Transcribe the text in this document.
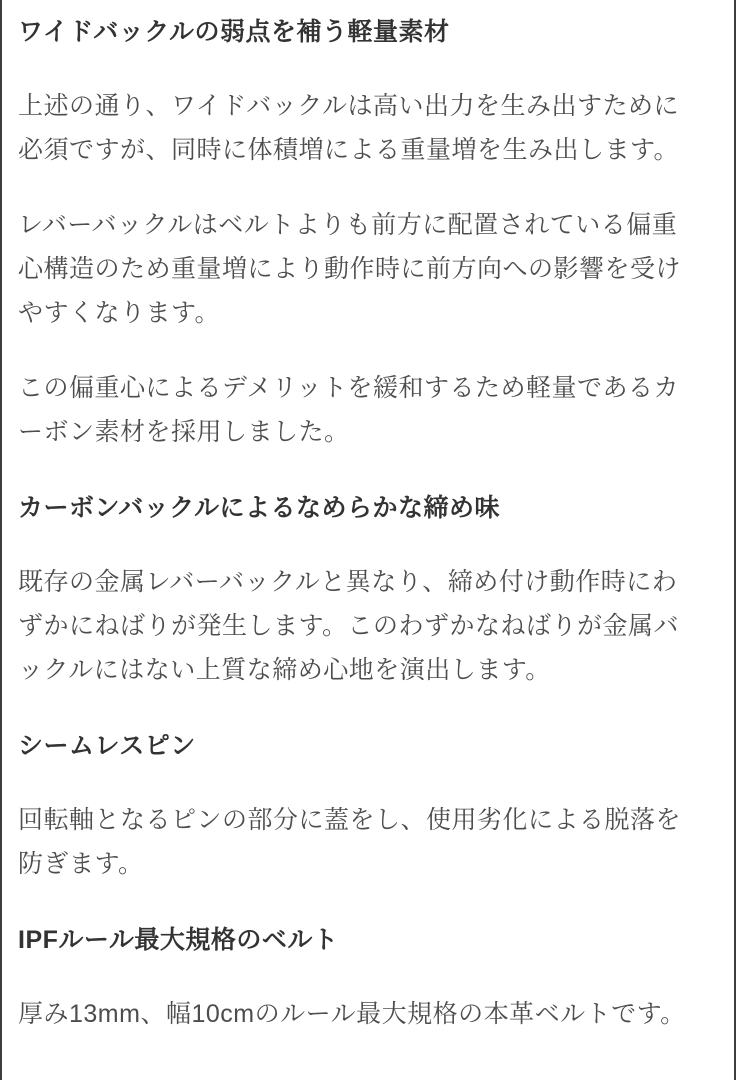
ワイドバックルの弱点を補う軽量素材

上述の通り、ワイドバックルは高い出力を生み出すために必須ですが、同時に体積増による重量増を生み出します。

レバーバックルはベルトよりも前方に配置されている偏重心構造のため重量増により動作時に前方向への影響を受けやすくなります。

この偏重心によるデメリットを緩和するため軽量であるカーボン素材を採用しました。

カーボンバックルによるなめらかな締め味

既存の金属レバーバックルと異なり、締め付け動作時にわずかにねばりが発生します。このわずかなねばりが金属バックルにはない上質な締め心地を演出します。

シームレスピン

回転軸となるピンの部分に蓋をし、使用劣化による脱落を防ぎます。

IPFルール最大規格のベルト

厚み13mm、幅10cmのルール最大規格の本革ベルトです。
